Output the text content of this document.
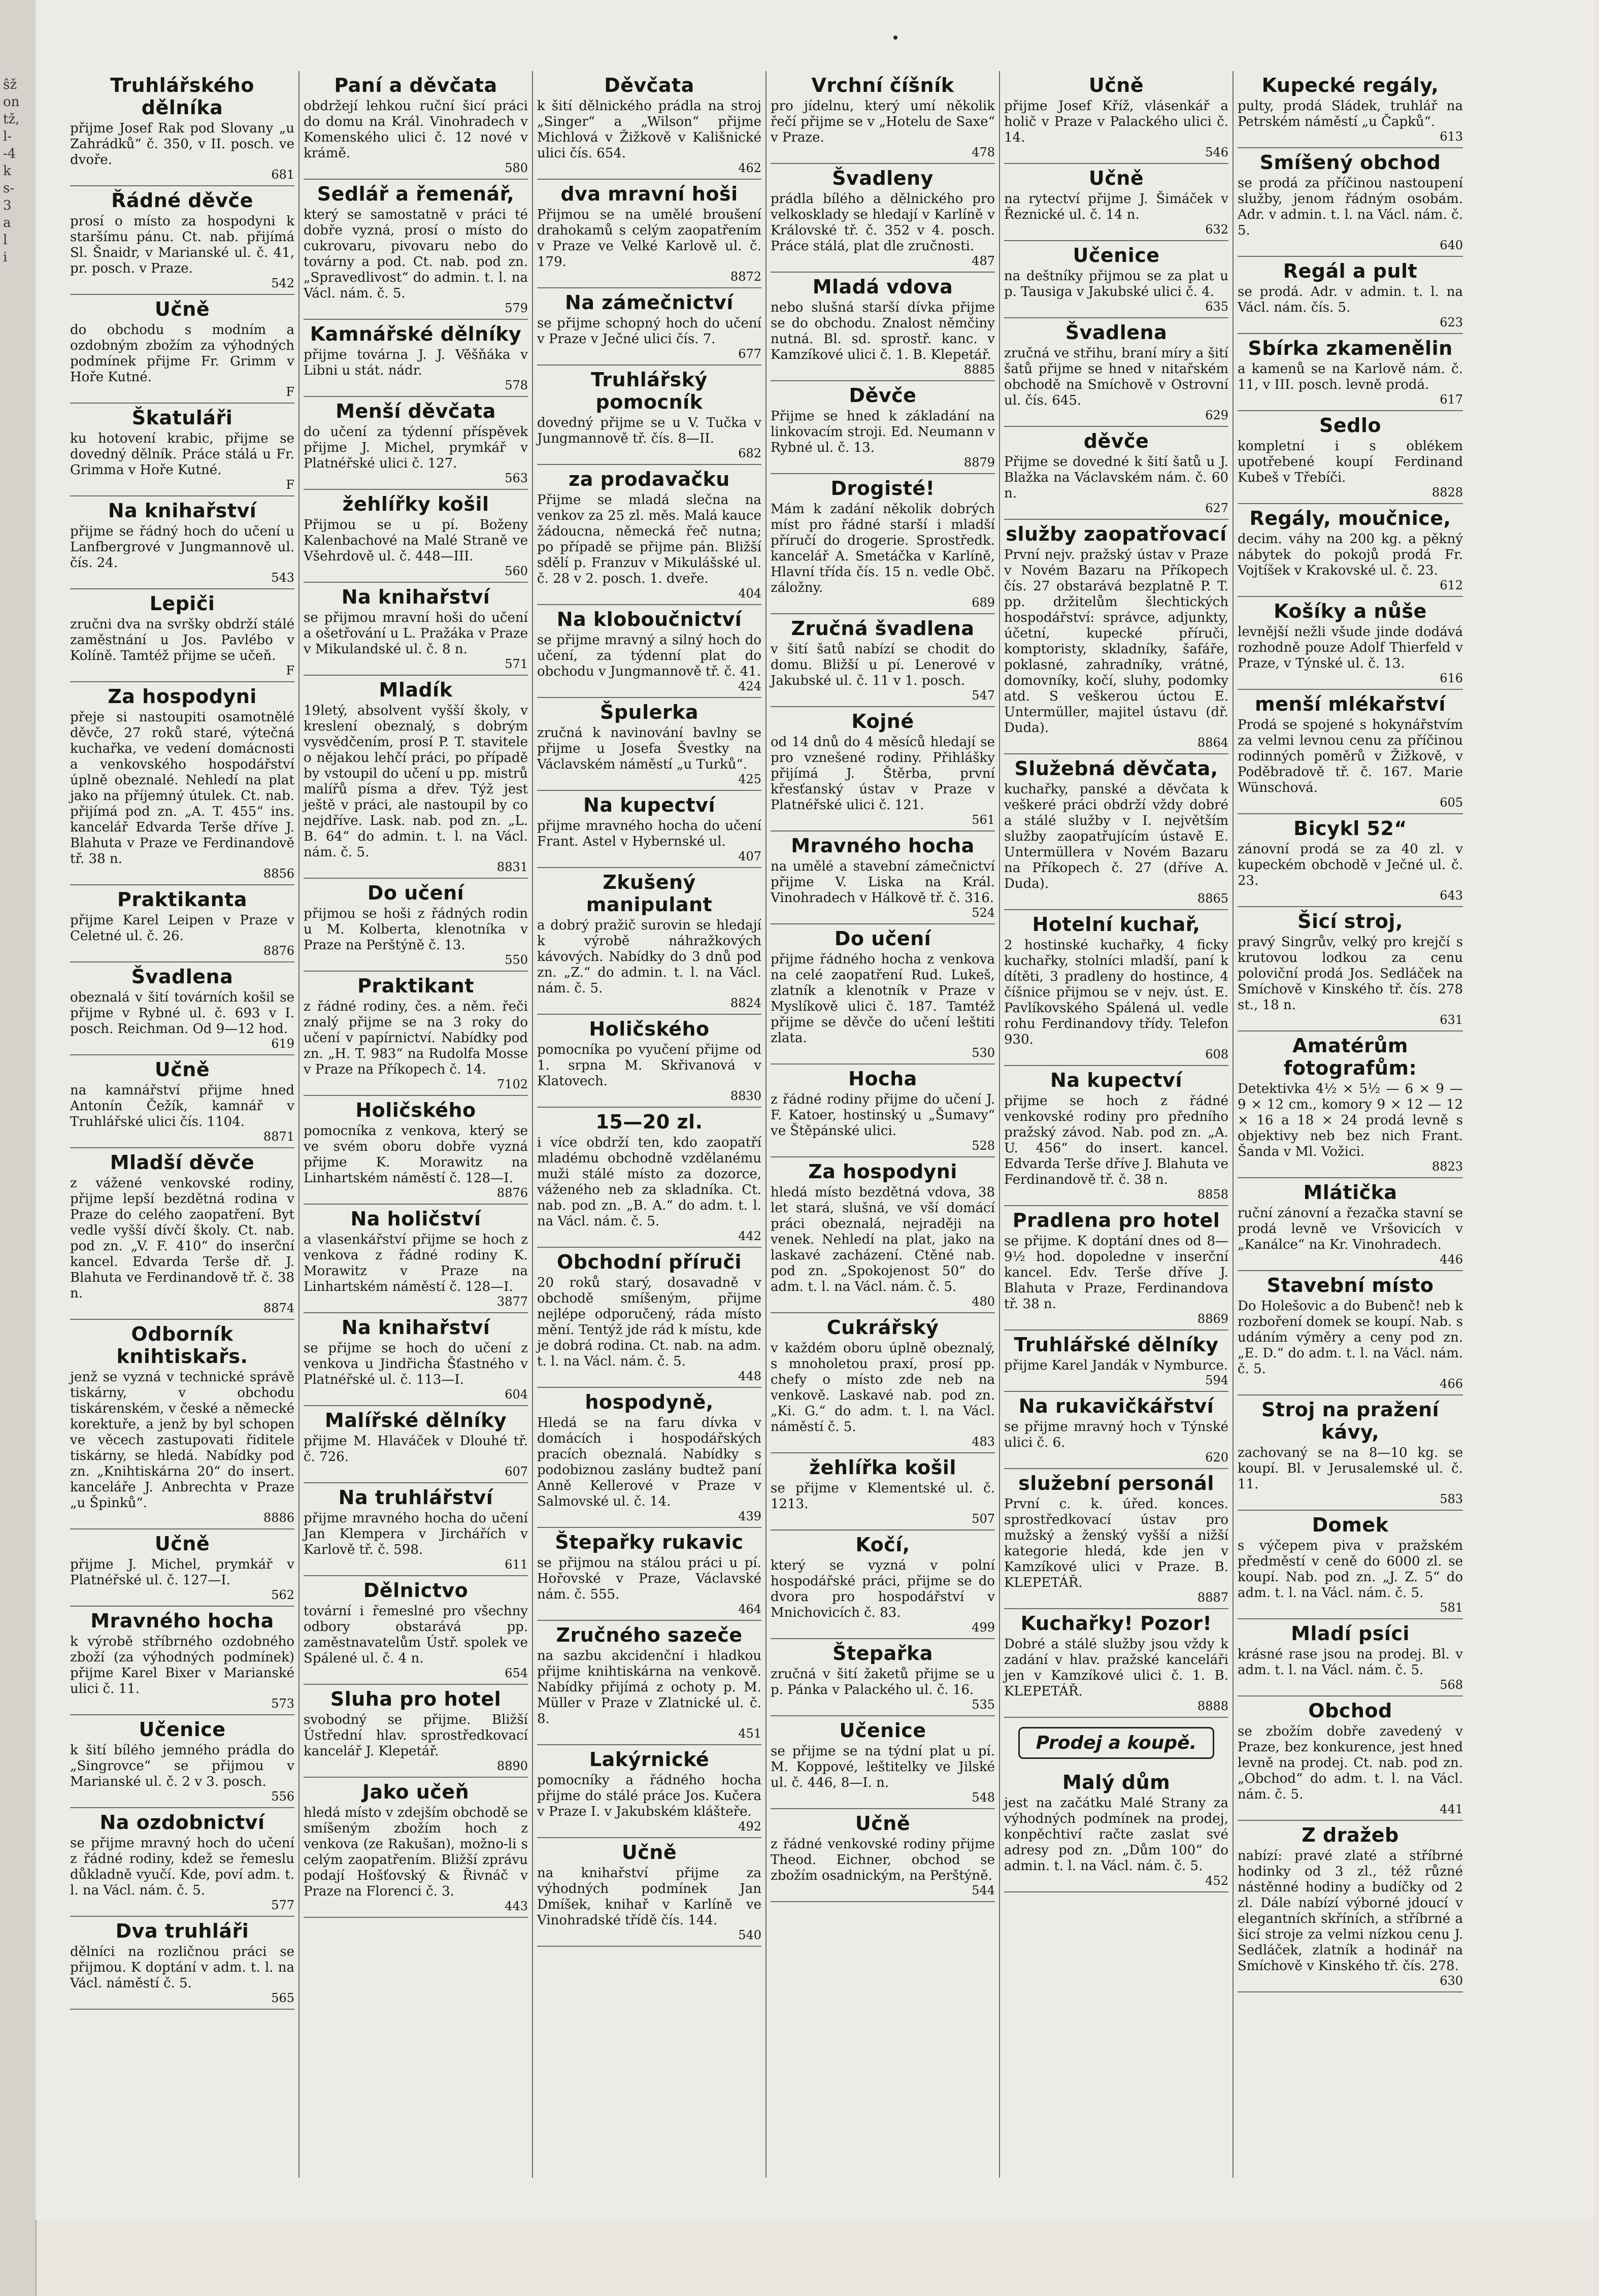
ŝž
on
tž,
l-
-4
k
s-
3
a
l
i
Truhlářského dělníka
přijme Josef Rak pod Slovany „u Zahrádků“ č. 350, v II. posch. ve dvoře.
681
Řádné děvče
prosí o místo za hospodyni k staršímu pánu. Ct. nab. přijímá Sl. Šnaidr, v Marianské ul. č. 41, pr. posch. v Praze.
542
Učně
do obchodu s modním a ozdobným zbožím za výhodných podmínek přijme Fr. Grimm v Hoře Kutné.
F
Škatuláři
ku hotovení krabic, přijme se dovedný dělník. Práce stálá u Fr. Grimma v Hoře Kutné.
F
Na knihařství
přijme se řádný hoch do učení u Lanfbergrové v Jungmannově ul. čís. 24.
543
Lepiči
zručni dva na svršky obdrží stálé zaměstnání u Jos. Pavlébo v Kolíně. Tamtéž přijme se učeň.
F
Za hospodyni
přeje si nastoupiti osamotnělé děvče, 27 roků staré, výtečná kuchařka, ve vedení domácnosti a venkovského hospodářství úplně obeznalé. Nehledí na plat jako na příjemný útulek. Ct. nab. přijímá pod zn. „A. T. 455“ ins. kancelář Edvarda Terše dříve J. Blahuta v Praze ve Ferdinandově tř. 38 n.
8856
Praktikanta
přijme Karel Leipen v Praze v Celetné ul. č. 26.
8876
Švadlena
obeznalá v šití továrních košil se přijme v Rybné ul. č. 693 v I. posch. Reichman. Od 9—12 hod.
619
Učně
na kamnářství přijme hned Antonín Čežík, kamnář v Truhlářské ulici čís. 1104.
8871
Mladší děvče
z vážené venkovské rodiny, přijme lepší bezdětná rodina v Praze do celého zaopatření. Byt vedle vyšší dívčí školy. Ct. nab. pod zn. „V. F. 410“ do inserční kancel. Edvarda Terše dř. J. Blahuta ve Ferdinandově tř. č. 38 n.
8874
Odborník knihtiskařs.
jenž se vyzná v technické správě tiskárny, v obchodu tiskárenském, v české a německé korektuře, a jenž by byl schopen ve věcech zastupovati řiditele tiskárny, se hledá. Nabídky pod zn. „Knihtiskárna 20“ do insert. kanceláře J. Anbrechta v Praze „u Špinků“.
8886
Učně
přijme J. Michel, prymkář v Platnéřské ul. č. 127—I.
562
Mravného hocha
k výrobě stříbrného ozdobného zboží (za výhodných podmínek) přijme Karel Bixer v Marianské ulici č. 11.
573
Učenice
k šití bílého jemného prádla do „Singrovce“ se přijmou v Marianské ul. č. 2 v 3. posch.
556
Na ozdobnictví
se přijme mravný hoch do učení z řádné rodiny, kdež se řemeslu důkladně vyučí. Kde, poví adm. t. l. na Václ. nám. č. 5.
577
Dva truhláři
dělníci na rozličnou práci se přijmou. K doptání v adm. t. l. na Václ. náměstí č. 5.
565
Paní a děvčata
obdržejí lehkou ruční šicí práci do domu na Král. Vinohradech v Komenského ulici č. 12 nové v krámě.
580
Sedlář a řemenář,
který se samostatně v práci té dobře vyzná, prosí o místo do cukrovaru, pivovaru nebo do továrny a pod. Ct. nab. pod zn. „Spravedlivost“ do admin. t. l. na Václ. nám. č. 5.
579
Kamnářské dělníky
přijme továrna J. J. Věšňáka v Libni u stát. nádr.
578
Menší děvčata
do učení za týdenní příspěvek přijme J. Michel, prymkář v Platnéřské ulici č. 127.
563
žehlířky košil
Přijmou se u pí. Boženy Kalenbachové na Malé Straně ve Všehrdově ul. č. 448—III.
560
Na knihařství
se přijmou mravní hoši do učení a ošetřování u L. Pražáka v Praze v Mikulandské ul. č. 8 n.
571
Mladík
19letý, absolvent vyšší školy, v kreslení obeznalý, s dobrým vysvědčením, prosí P. T. stavitele o nějakou lehčí práci, po případě by vstoupil do učení u pp. mistrů malířů písma a dřev. Týž jest ještě v práci, ale nastoupil by co nejdříve. Lask. nab. pod zn. „L. B. 64“ do admin. t. l. na Václ. nám. č. 5.
8831
Do učení
přijmou se hoši z řádných rodin u M. Kolberta, klenotníka v Praze na Perštýně č. 13.
550
Praktikant
z řádné rodiny, čes. a něm. řeči znalý přijme se na 3 roky do učení v papírnictví. Nabídky pod zn. „H. T. 983“ na Rudolfa Mosse v Praze na Příkopech č. 14.
7102
Holičského
pomocníka z venkova, který se ve svém oboru dobře vyzná přijme K. Morawitz na Linhartském náměstí č. 128—I.
8876
Na holičství
a vlasenkářství přijme se hoch z venkova z řádné rodiny K. Morawitz v Praze na Linhartském náměstí č. 128—I.
3877
Na knihařství
se přijme se hoch do učení z venkova u Jindřicha Šťastného v Platnéřské ul. č. 113—I.
604
Malířské dělníky
přijme M. Hlaváček v Dlouhé tř. č. 726.
607
Na truhlářství
přijme mravného hocha do učení Jan Klempera v Jirchářích v Karlově tř. č. 598.
611
Dělnictvo
tovární i řemeslné pro všechny odbory obstarává pp. zaměstnavatelům Ústř. spolek ve Spálené ul. č. 4 n.
654
Sluha pro hotel
svobodný se přijme. Bližší Ústřední hlav. sprostředkovací kancelář J. Klepetář.
8890
Jako učeň
hledá místo v zdejším obchodě se smíšeným zbožím hoch z venkova (ze Rakušan), možno-li s celým zaopatřením. Bližší zprávu podají Hošťovský & Řivnáč v Praze na Florenci č. 3.
443
Děvčata
k šití dělnického prádla na stroj „Singer“ a „Wilson“ přijme Michlová v Žižkově v Kališnické ulici čís. 654.
462
dva mravní hoši
Přijmou se na umělé broušení drahokamů s celým zaopatřením v Praze ve Velké Karlově ul. č. 179.
8872
Na zámečnictví
se přijme schopný hoch do učení v Praze v Ječné ulici čís. 7.
677
Truhlářský pomocník
dovedný přijme se u V. Tučka v Jungmannově tř. čís. 8—II.
682
za prodavačku
Přijme se mladá slečna na venkov za 25 zl. měs. Malá kauce žádoucna, německá řeč nutna; po případě se přijme pán. Bližší sdělí p. Franzuv v Mikulášské ul. č. 28 v 2. posch. 1. dveře.
404
Na kloboučnictví
se přijme mravný a silný hoch do učení, za týdenní plat do obchodu v Jungmannově tř. č. 41.
424
Špulerka
zručná k navinování bavlny se přijme u Josefa Švestky na Václavském náměstí „u Turků“.
425
Na kupectví
přijme mravného hocha do učení Frant. Astel v Hybernské ul.
407
Zkušený manipulant
a dobrý pražič surovin se hledají k výrobě náhražkových kávových. Nabídky do 3 dnů pod zn. „Z.“ do admin. t. l. na Václ. nám. č. 5.
8824
Holičského
pomocníka po vyučení přijme od 1. srpna M. Skřivanová v Klatovech.
8830
15—20 zl.
i více obdrží ten, kdo zaopatří mladému obchodně vzdělanému muži stálé místo za dozorce, váženého neb za skladníka. Ct. nab. pod zn. „B. A.“ do adm. t. l. na Václ. nám. č. 5.
442
Obchodní příruči
20 roků starý, dosavadně v obchodě smíšeným, přijme nejlépe odporučený, ráda místo mění. Tentýž jde rád k místu, kde je dobrá rodina. Ct. nab. na adm. t. l. na Václ. nám. č. 5.
448
hospodyně,
Hledá se na faru dívka v domácích i hospodářských pracích obeznalá. Nabídky s podobiznou zaslány budtež paní Anně Kellerové v Praze v Salmovské ul. č. 14.
439
Štepařky rukavic
se přijmou na stálou práci u pí. Hořovské v Praze, Václavské nám. č. 555.
464
Zručného sazeče
na sazbu akcidenční i hladkou přijme knihtiskárna na venkově. Nabídky přijímá z ochoty p. M. Müller v Praze v Zlatnické ul. č. 8.
451
Lakýrnické
pomocníky a řádného hocha přijme do stálé práce Jos. Kučera v Praze I. v Jakubském klášteře.
492
Učně
na knihařství přijme za výhodných podmínek Jan Dmíšek, knihař v Karlíně ve Vinohradské třídě čís. 144.
540
Vrchní číšník
pro jídelnu, který umí několik řečí přijme se v „Hotelu de Saxe“ v Praze.
478
Švadleny
prádla bílého a dělnického pro velkosklady se hledají v Karlíně v Královské tř. č. 352 v 4. posch. Práce stálá, plat dle zručnosti.
487
Mladá vdova
nebo slušná starší dívka přijme se do obchodu. Znalost němčiny nutná. Bl. sd. sprostř. kanc. v Kamzíkové ulici č. 1. B. Klepetář.
8885
Děvče
Přijme se hned k základání na linkovacím stroji. Ed. Neumann v Rybné ul. č. 13.
8879
Drogisté!
Mám k zadání několik dobrých míst pro řádné starší i mladší příručí do drogerie. Sprostředk. kancelář A. Smetáčka v Karlíně, Hlavní třída čís. 15 n. vedle Obč. záložny.
689
Zručná švadlena
v šití šatů nabízí se chodit do domu. Bližší u pí. Lenerové v Jakubské ul. č. 11 v 1. posch.
547
Kojné
od 14 dnů do 4 měsíců hledají se pro vznešené rodiny. Přihlášky přijímá J. Štěrba, první křesťanský ústav v Praze v Platnéřské ulici č. 121.
561
Mravného hocha
na umělé a stavební zámečnictví přijme V. Liska na Král. Vinohradech v Hálkově tř. č. 316.
524
Do učení
přijme řádného hocha z venkova na celé zaopatření Rud. Lukeš, zlatník a klenotník v Praze v Myslíkově ulici č. 187. Tamtéž přijme se děvče do učení leštiti zlata.
530
Hocha
z řádné rodiny přijme do učení J. F. Katoer, hostinský u „Šumavy“ ve Štěpánské ulici.
528
Za hospodyni
hledá místo bezdětná vdova, 38 let stará, slušná, ve vší domácí práci obeznalá, nejraději na venek. Nehledí na plat, jako na laskavé zacházení. Ctěné nab. pod zn. „Spokojenost 50“ do adm. t. l. na Václ. nám. č. 5.
480
Cukrářský
v každém oboru úplně obeznalý, s mnoholetou praxí, prosí pp. chefy o místo zde neb na venkově. Laskavé nab. pod zn. „Ki. G.“ do adm. t. l. na Václ. náměstí č. 5.
483
žehlířka košil
se přijme v Klementské ul. č. 1213.
507
Kočí,
který se vyzná v polní hospodářské práci, přijme se do dvora pro hospodářství v Mnichovicích č. 83.
499
Štepařka
zručná v šití žaketů přijme se u p. Pánka v Palackého ul. č. 16.
535
Učenice
se přijme se na týdní plat u pí. M. Koppové, leštitelky ve Jilské ul. č. 446, 8—I. n.
548
Učně
z řádné venkovské rodiny přijme Theod. Eichner, obchod se zbožím osadnickým, na Perštýně.
544
Učně
přijme Josef Kříž, vlásenkář a holič v Praze v Palackého ulici č. 14.
546
Učně
na rytectví přijme J. Šimáček v Řeznické ul. č. 14 n.
632
Učenice
na deštníky přijmou se za plat u p. Tausiga v Jakubské ulici č. 4.
635
Švadlena
zručná ve střihu, braní míry a šití šatů přijme se hned v nitařském obchodě na Smíchově v Ostrovní ul. čís. 645.
629
děvče
Přijme se dovedné k šití šatů u J. Blažka na Václavském nám. č. 60 n.
627
služby zaopatřovací
První nejv. pražský ústav v Praze v Novém Bazaru na Příkopech čís. 27 obstarává bezplatně P. T. pp. držitelům šlechtických hospodářství: správce, adjunkty, účetní, kupecké příruči, komptoristy, skladníky, šafáře, poklasné, zahradníky, vrátné, domovníky, kočí, sluhy, podomky atd. S veškerou úctou E. Untermüller, majitel ústavu (dř. Duda).
8864
Služebná děvčata,
kuchařky, panské a děvčata k veškeré práci obdrží vždy dobré a stálé služby v I. největším služby zaopatřujícím ústavě E. Untermüllera v Novém Bazaru na Příkopech č. 27 (dříve A. Duda).
8865
Hotelní kuchař,
2 hostinské kuchařky, 4 ficky kuchařky, stolníci mladší, paní k dítěti, 3 pradleny do hostince, 4 číšnice přijmou se v nejv. úst. E. Pavlíkovského Spálená ul. vedle rohu Ferdinandovy třídy. Telefon 930.
608
Na kupectví
přijme se hoch z řádné venkovské rodiny pro předního pražský závod. Nab. pod zn. „A. U. 456“ do insert. kancel. Edvarda Terše dříve J. Blahuta ve Ferdinandově tř. č. 38 n.
8858
Pradlena pro hotel
se přijme. K doptání dnes od 8—9½ hod. dopoledne v inserční kancel. Edv. Terše dříve J. Blahuta v Praze, Ferdinandova tř. 38 n.
8869
Truhlářské dělníky
přijme Karel Jandák v Nymburce.
594
Na rukavičkářství
se přijme mravný hoch v Týnské ulici č. 6.
620
služební personál
První c. k. úřed. konces. sprostředkovací ústav pro mužský a ženský vyšší a nižší kategorie hledá, kde jen v Kamzíkové ulici v Praze. B. KLEPETÁŘ.
8887
Kuchařky! Pozor!
Dobré a stálé služby jsou vždy k zadání v hlav. pražské kanceláři jen v Kamzíkové ulici č. 1. B. KLEPETÁŘ.
8888
Prodej a koupě.
Malý dům
jest na začátku Malé Strany za výhodných podmínek na prodej, konpěchtiví račte zaslat své adresy pod zn. „Dům 100“ do admin. t. l. na Václ. nám. č. 5.
452
Kupecké regály,
pulty, prodá Sládek, truhlář na Petrském náměstí „u Čapků“.
613
Smíšený obchod
se prodá za příčinou nastoupení služby, jenom řádným osobám. Adr. v admin. t. l. na Václ. nám. č. 5.
640
Regál a pult
se prodá. Adr. v admin. t. l. na Václ. nám. čís. 5.
623
Sbírka zkamenělin
a kamenů se na Karlově nám. č. 11, v III. posch. levně prodá.
617
Sedlo
kompletní i s oblékem upotřebené koupí Ferdinand Kubeš v Třebíči.
8828
Regály, moučnice,
decim. váhy na 200 kg. a pěkný nábytek do pokojů prodá Fr. Vojtíšek v Krakovské ul. č. 23.
612
Košíky a nůše
levnější nežli všude jinde dodává rozhodně pouze Adolf Thierfeld v Praze, v Týnské ul. č. 13.
616
menší mlékařství
Prodá se spojené s hokynářstvím za velmi levnou cenu za příčinou rodinných poměrů v Žižkově, v Poděbradově tř. č. 167. Marie Wünschová.
605
Bicykl 52“
zánovní prodá se za 40 zl. v kupeckém obchodě v Ječné ul. č. 23.
643
Šicí stroj,
pravý Singrův, velký pro krejčí s krutovou lodkou za cenu poloviční prodá Jos. Sedláček na Smíchově v Kinského tř. čís. 278 st., 18 n.
631
Amatérům fotografům:
Detektivka 4½ × 5½ — 6 × 9 — 9 × 12 cm., komory 9 × 12 — 12 × 16 a 18 × 24 prodá levně s objektivy neb bez nich Frant. Šanda v Ml. Vožici.
8823
Mlátička
ruční zánovní a řezačka stavní se prodá levně ve Vršovicích v „Kanálce“ na Kr. Vinohradech.
446
Stavební místo
Do Holešovic a do Bubenč! neb k rozboření domek se koupí. Nab. s udáním výměry a ceny pod zn. „E. D.“ do adm. t. l. na Václ. nám. č. 5.
466
Stroj na pražení kávy,
zachovaný se na 8—10 kg. se koupí. Bl. v Jerusalemské ul. č. 11.
583
Domek
s výčepem piva v pražském předměstí v ceně do 6000 zl. se koupí. Nab. pod zn. „J. Z. 5“ do adm. t. l. na Václ. nám. č. 5.
581
Mladí psíci
krásné rase jsou na prodej. Bl. v adm. t. l. na Václ. nám. č. 5.
568
Obchod
se zbožím dobře zavedený v Praze, bez konkurence, jest hned levně na prodej. Ct. nab. pod zn. „Obchod“ do adm. t. l. na Václ. nám. č. 5.
441
Z dražeb
nabízí: pravé zlaté a stříbrné hodinky od 3 zl., též různé nástěnné hodiny a budíčky od 2 zl. Dále nabízí výborné jdoucí v elegantních skříních, a stříbrné a šicí stroje za velmi nízkou cenu J. Sedláček, zlatník a hodinář na Smíchově v Kinského tř. čís. 278.
630
